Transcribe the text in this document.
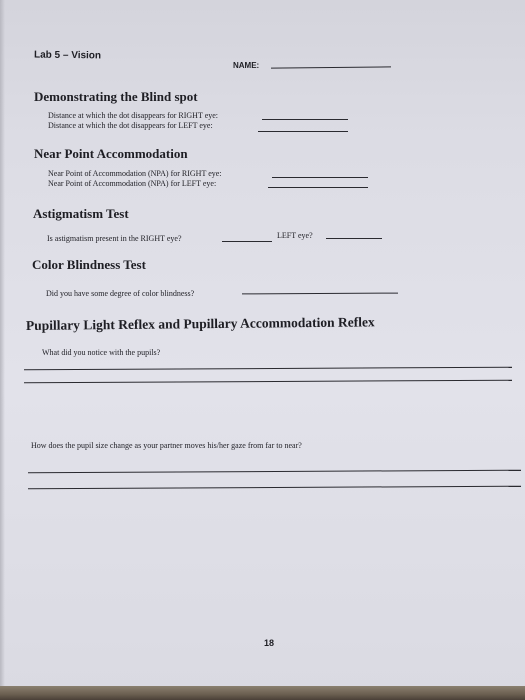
Lab 5 – Vision
NAME:
Demonstrating the Blind spot
Distance at which the dot disappears for RIGHT eye:
Distance at which the dot disappears for LEFT eye:
Near Point Accommodation
Near Point of Accommodation (NPA) for RIGHT eye:
Near Point of Accommodation (NPA) for LEFT eye:
Astigmatism Test
Is astigmatism present in the RIGHT eye?	LEFT eye?
Color Blindness Test
Did you have some degree of color blindness?
Pupillary Light Reflex and Pupillary Accommodation Reflex
What did you notice with the pupils?
How does the pupil size change as your partner moves his/her gaze from far to near?
18
